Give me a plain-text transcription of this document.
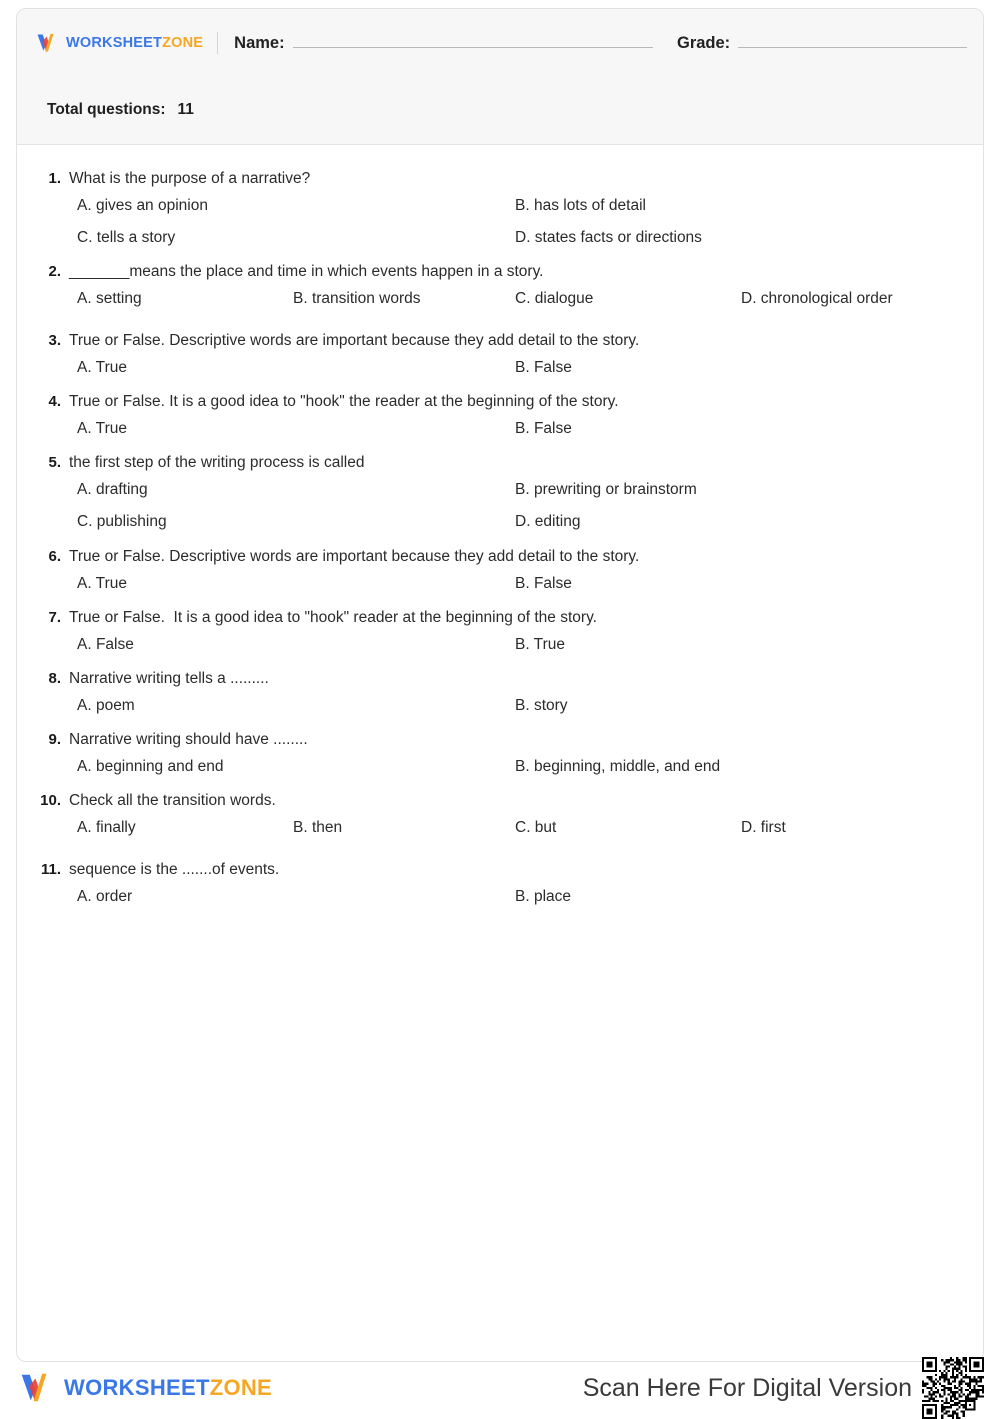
WORKSHEETZONE Name:	Grade:
Total questions: 11
1. What is the purpose of a narrative?
A. gives an opinion	B. has lots of detail
C. tells a story	D. states facts or directions
2. _______means the place and time in which events happen in a story.
A. setting	B. transition words	C. dialogue	D. chronological order
3. True or False. Descriptive words are important because they add detail to the story.
A. True	B. False
4. True or False. It is a good idea to "hook" the reader at the beginning of the story.
A. True	B. False
5. the first step of the writing process is called
A. drafting	B. prewriting or brainstorm
C. publishing	D. editing
6. True or False. Descriptive words are important because they add detail to the story.
A. True	B. False
7. True or False.  It is a good idea to "hook" reader at the beginning of the story.
A. False	B. True
8. Narrative writing tells a .........
A. poem	B. story
9. Narrative writing should have ........
A. beginning and end	B. beginning, middle, and end
10. Check all the transition words.
A. finally	B. then	C. but	D. first
11. sequence is the .......of events.
A. order	B. place
WORKSHEETZONE	Scan Here For Digital Version
